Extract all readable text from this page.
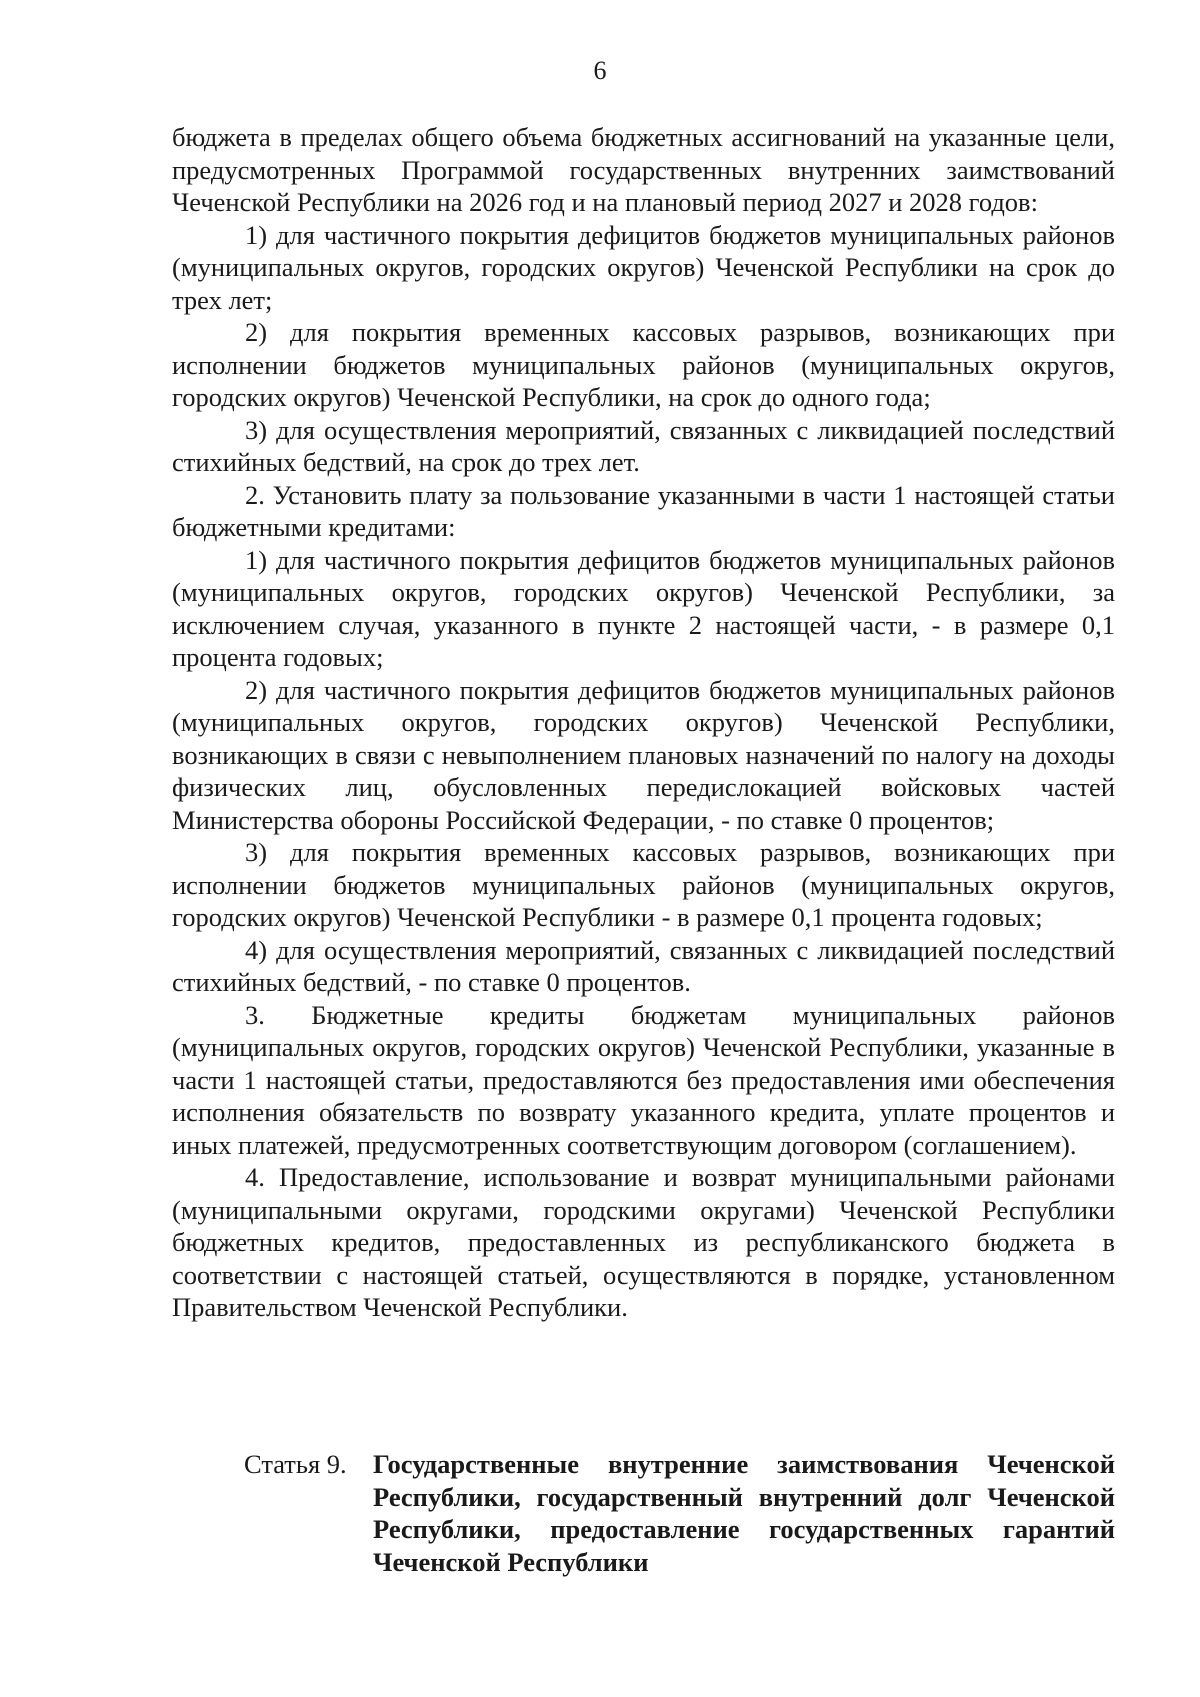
6

бюджета в пределах общего объема бюджетных ассигнований на указанные цели, предусмотренных Программой государственных внутренних заимствований Чеченской Республики на 2026 год и на плановый период 2027 и 2028 годов:

1) для частичного покрытия дефицитов бюджетов муниципальных районов (муниципальных округов, городских округов) Чеченской Республики на срок до трех лет;

2) для покрытия временных кассовых разрывов, возникающих при исполнении бюджетов муниципальных районов (муниципальных округов, городских округов) Чеченской Республики, на срок до одного года;

3) для осуществления мероприятий, связанных с ликвидацией последствий стихийных бедствий, на срок до трех лет.

2. Установить плату за пользование указанными в части 1 настоящей статьи бюджетными кредитами:

1) для частичного покрытия дефицитов бюджетов муниципальных районов (муниципальных округов, городских округов) Чеченской Республики, за исключением случая, указанного в пункте 2 настоящей части, - в размере 0,1 процента годовых;

2) для частичного покрытия дефицитов бюджетов муниципальных районов (муниципальных округов, городских округов) Чеченской Республики, возникающих в связи с невыполнением плановых назначений по налогу на доходы физических лиц, обусловленных передислокацией войсковых частей Министерства обороны Российской Федерации, - по ставке 0 процентов;

3) для покрытия временных кассовых разрывов, возникающих при исполнении бюджетов муниципальных районов (муниципальных округов, городских округов) Чеченской Республики - в размере 0,1 процента годовых;

4) для осуществления мероприятий, связанных с ликвидацией последствий стихийных бедствий, - по ставке 0 процентов.

3. Бюджетные кредиты бюджетам муниципальных районов (муниципальных округов, городских округов) Чеченской Республики, указанные в части 1 настоящей статьи, предоставляются без предоставления ими обеспечения исполнения обязательств по возврату указанного кредита, уплате процентов и иных платежей, предусмотренных соответствующим договором (соглашением).

4. Предоставление, использование и возврат муниципальными районами (муниципальными округами, городскими округами) Чеченской Республики бюджетных кредитов, предоставленных из республиканского бюджета в соответствии с настоящей статьей, осуществляются в порядке, установленном Правительством Чеченской Республики.

Статья 9. Государственные внутренние заимствования Чеченской Республики, государственный внутренний долг Чеченской Республики, предоставление государственных гарантий Чеченской Республики
